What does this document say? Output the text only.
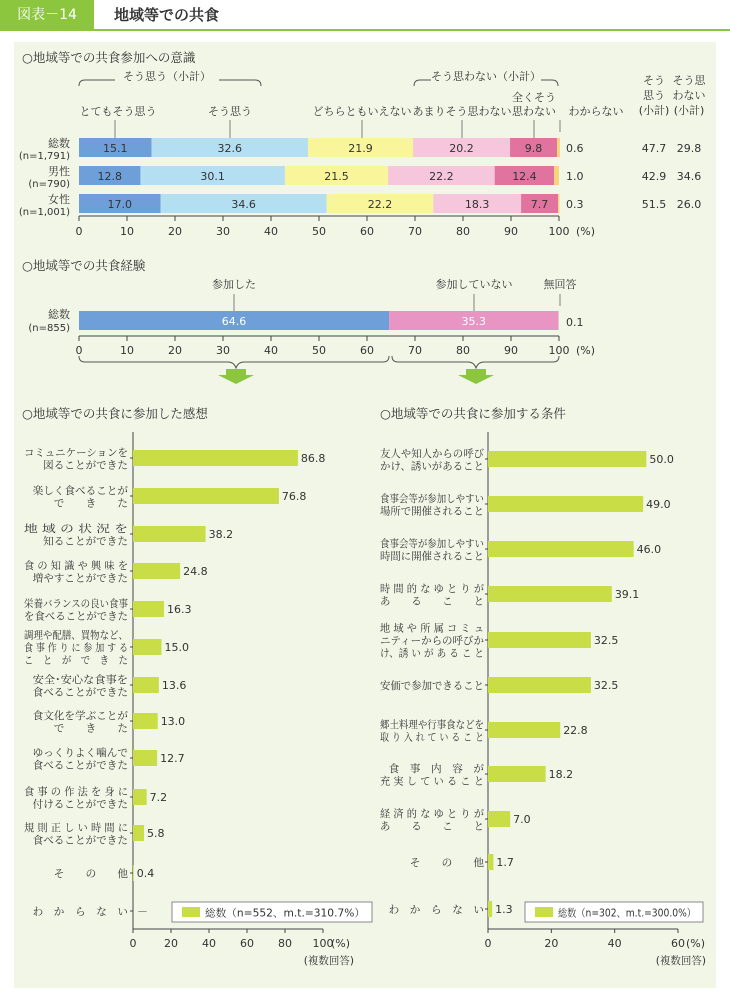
図表－14	地域等での共食
○地域等での共食参加への意識
そう思う（小計）	そう思わない（小計）
とてもそう思う	そう思う	どちらともいえない あまりそう思わない
全くそう
思わない わからない
そう
思う
(小計)
そう思
わない
(小計)
総数
(n=1,791)
15.1	32.6	21.9	20.2	9.8 0.6	47.7 29.8
男性
(n=790)
12.8	30.1	21.5	22.2	12.4	1.0	42.9 34.6
女性
(n=1,001)
17.0	34.6	22.2	18.3	7.7 0.3	51.5 26.0
0	10	20	30	40	50	60	70	80	90	100 (%)
○地域等での共食経験
参加した	参加していない	無回答
総数
(n=855)
64.6	35.3	0.1
0	10	20	30	40	50	60	70	80	90	100 (%)
○地域等での共食に参加した感想
コミュニケーションを
図ることができた
86.8
楽しく食べることが
で　　き　　た
76.8
地 域 の 状 況 を
知ることができた
38.2
食 の 知 識 や 興 味 を
増やすことができた
24.8
栄養バランスの良い食事
を食べることができた
16.3
調理や配膳、買物など、
食 事 作 り に 参 加 す る
こ　と　が　で　き　た
15.0
安全･安心な食事を
食べることができた
13.6
食文化を学ぶことが
で　　き　　た
13.0
ゆっくりよく噛んで
食べることができた
12.7
食 事 の 作 法 を 身 に
付けることができた
7.2
規 則 正 し い 時 間 に
食べることができた
5.8
そ　　の　　他 0.4
わ　か　ら　な　い －
0	20 40 60 80 100
(%)
(複数回答)
総数（n=552、m.t.=310.7%）
○地域等での共食に参加する条件
友人や知人からの呼び
かけ、誘いがあること
50.0
食事会等が参加しやすい
場所で開催されること
49.0
食事会等が参加しやすい
時間に開催されること
46.0
時 間 的 な ゆ と り が
あ　　る　　こ　　と
39.1
地 域 や 所 属 コ ミ ュ
ニティーからの呼びか
け、誘 い が あ る こ と
32.5
安価で参加できること	32.5
郷土料理や行事食などを
取 り 入 れ て い る こ と
22.8
食　事　内　容　が
充 実 し て い る こ と
18.2
経 済 的 な ゆ と り が
あ　　る　　こ　　と
7.0
そ　　の　　他 1.7
わ　か　ら　な　い 1.3
0	20	40	60 (%)
(複数回答)
総数（n=302、m.t.=300.0%）
